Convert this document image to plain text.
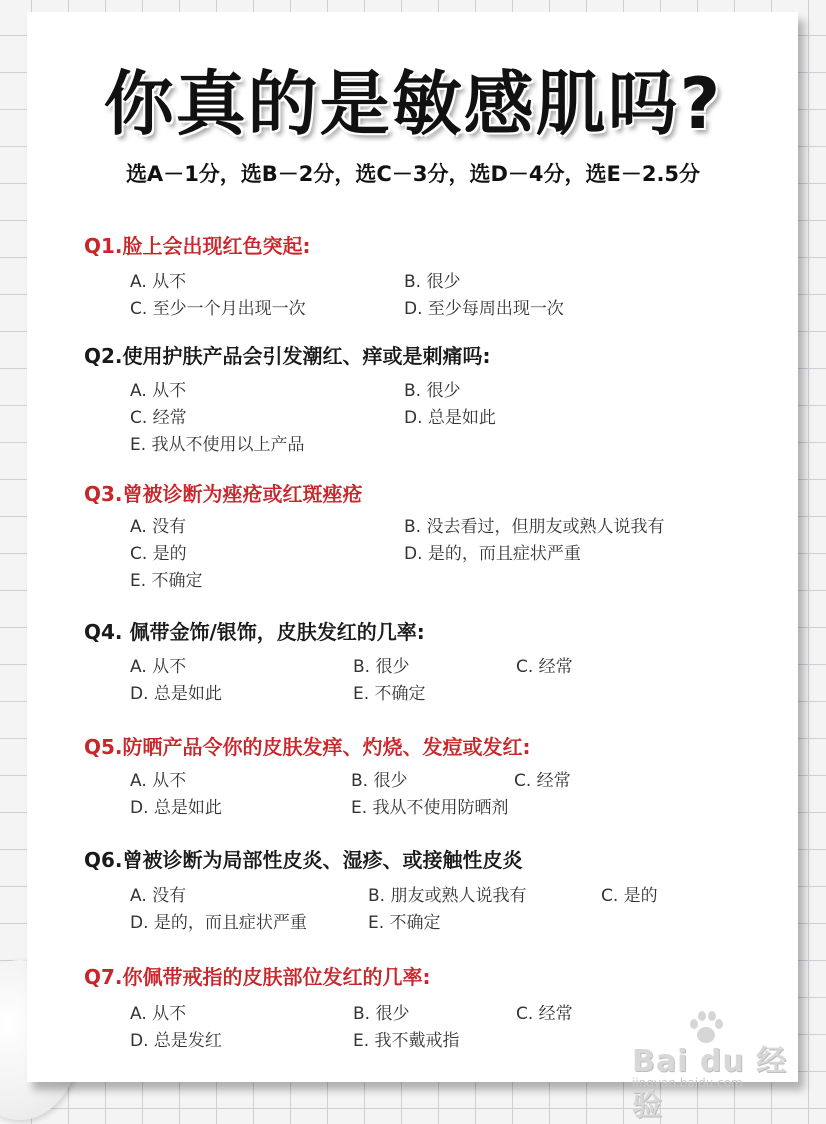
你真的是敏感肌吗?
选A－1分，选B－2分，选C－3分，选D－4分，选E－2.5分
Q1.脸上会出现红色突起:
A. 从不	B. 很少
C. 至少一个月出现一次	D. 至少每周出现一次
Q2.使用护肤产品会引发潮红、痒或是刺痛吗:
A. 从不	B. 很少
C. 经常	D. 总是如此
E. 我从不使用以上产品
Q3.曾被诊断为痤疮或红斑痤疮
A. 没有	B. 没去看过，但朋友或熟人说我有
C. 是的	D. 是的，而且症状严重
E. 不确定
Q4. 佩带金饰/银饰，皮肤发红的几率:
A. 从不	B. 很少	C. 经常
D. 总是如此	E. 不确定
Q5.防晒产品令你的皮肤发痒、灼烧、发痘或发红:
A. 从不	B. 很少	C. 经常
D. 总是如此	E. 我从不使用防晒剂
Q6.曾被诊断为局部性皮炎、湿疹、或接触性皮炎
A. 没有	B. 朋友或熟人说我有	C. 是的
D. 是的，而且症状严重	E. 不确定
Q7.你佩带戒指的皮肤部位发红的几率:
A. 从不	B. 很少	C. 经常
D. 总是发红	E. 我不戴戒指
Bai du 经验
jingyan.baidu.com
